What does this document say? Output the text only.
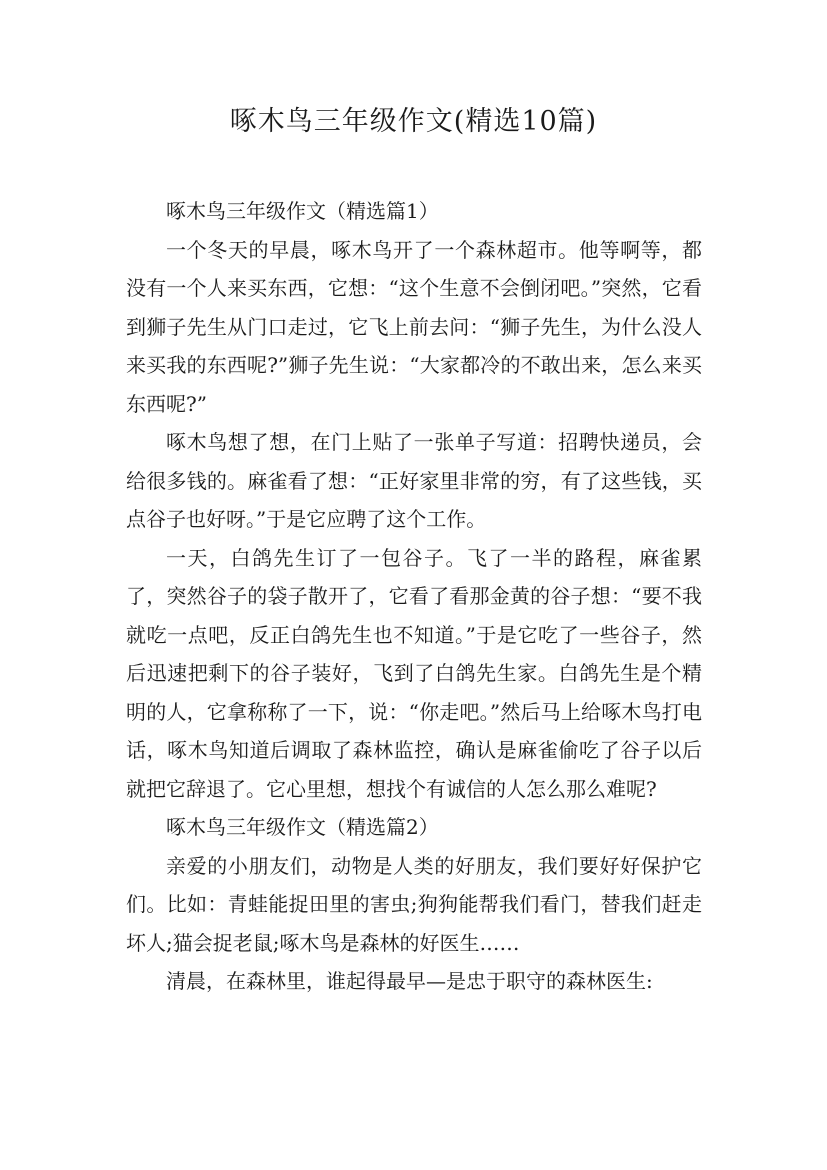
啄木鸟三年级作文(精选10篇)

啄木鸟三年级作文（精选篇1）

一个冬天的早晨，啄木鸟开了一个森林超市。他等啊等，都没有一个人来买东西，它想：“这个生意不会倒闭吧。”突然，它看到狮子先生从门口走过，它飞上前去问：“狮子先生，为什么没人来买我的东西呢?”狮子先生说：“大家都冷的不敢出来，怎么来买东西呢?”

啄木鸟想了想，在门上贴了一张单子写道：招聘快递员，会给很多钱的。麻雀看了想：“正好家里非常的穷，有了这些钱，买点谷子也好呀。”于是它应聘了这个工作。

一天，白鸽先生订了一包谷子。飞了一半的路程，麻雀累了，突然谷子的袋子散开了，它看了看那金黄的谷子想：“要不我就吃一点吧，反正白鸽先生也不知道。”于是它吃了一些谷子，然后迅速把剩下的谷子装好，飞到了白鸽先生家。白鸽先生是个精明的人，它拿称称了一下，说：“你走吧。”然后马上给啄木鸟打电话，啄木鸟知道后调取了森林监控，确认是麻雀偷吃了谷子以后就把它辞退了。它心里想，想找个有诚信的人怎么那么难呢?

啄木鸟三年级作文（精选篇2）

亲爱的小朋友们，动物是人类的好朋友，我们要好好保护它们。比如：青蛙能捉田里的害虫;狗狗能帮我们看门，替我们赶走坏人;猫会捉老鼠;啄木鸟是森林的好医生……

清晨，在森林里，谁起得最早—是忠于职守的森林医生:
